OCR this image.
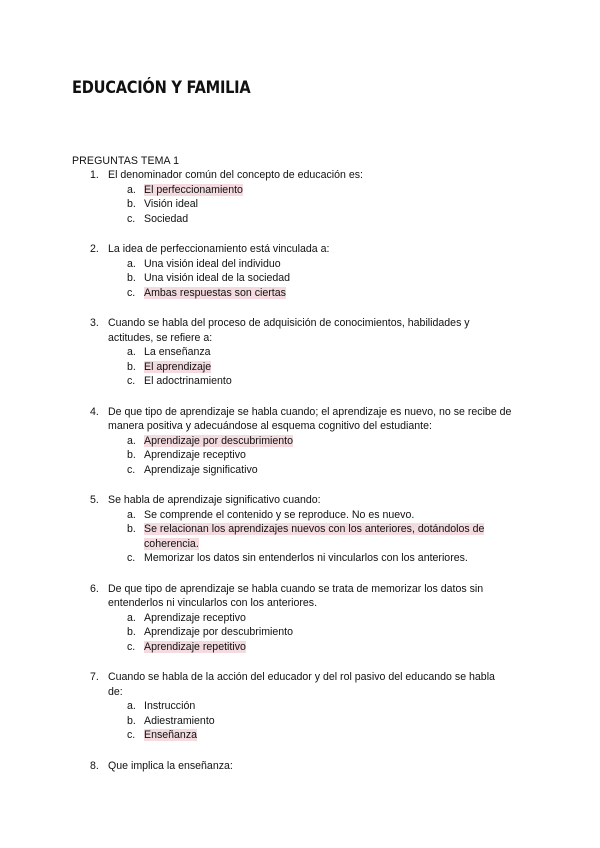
EDUCACIÓN Y FAMILIA
PREGUNTAS TEMA 1
1. El denominador común del concepto de educación es:
a. El perfeccionamiento
b. Visión ideal
c. Sociedad
2. La idea de perfeccionamiento está vinculada a:
a. Una visión ideal del individuo
b. Una visión ideal de la sociedad
c. Ambas respuestas son ciertas
3. Cuando se habla del proceso de adquisición de conocimientos, habilidades y actitudes, se refiere a:
a. La enseñanza
b. El aprendizaje
c. El adoctrinamiento
4. De que tipo de aprendizaje se habla cuando; el aprendizaje es nuevo, no se recibe de manera positiva y adecuándose al esquema cognitivo del estudiante:
a. Aprendizaje por descubrimiento
b. Aprendizaje receptivo
c. Aprendizaje significativo
5. Se habla de aprendizaje significativo cuando:
a. Se comprende el contenido y se reproduce. No es nuevo.
b. Se relacionan los aprendizajes nuevos con los anteriores, dotándolos de coherencia.
c. Memorizar los datos sin entenderlos ni vincularlos con los anteriores.
6. De que tipo de aprendizaje se habla cuando se trata de memorizar los datos sin entenderlos ni vincularlos con los anteriores.
a. Aprendizaje receptivo
b. Aprendizaje por descubrimiento
c. Aprendizaje repetitivo
7. Cuando se habla de la acción del educador y del rol pasivo del educando se habla de:
a. Instrucción
b. Adiestramiento
c. Enseñanza
8. Que implica la enseñanza:
